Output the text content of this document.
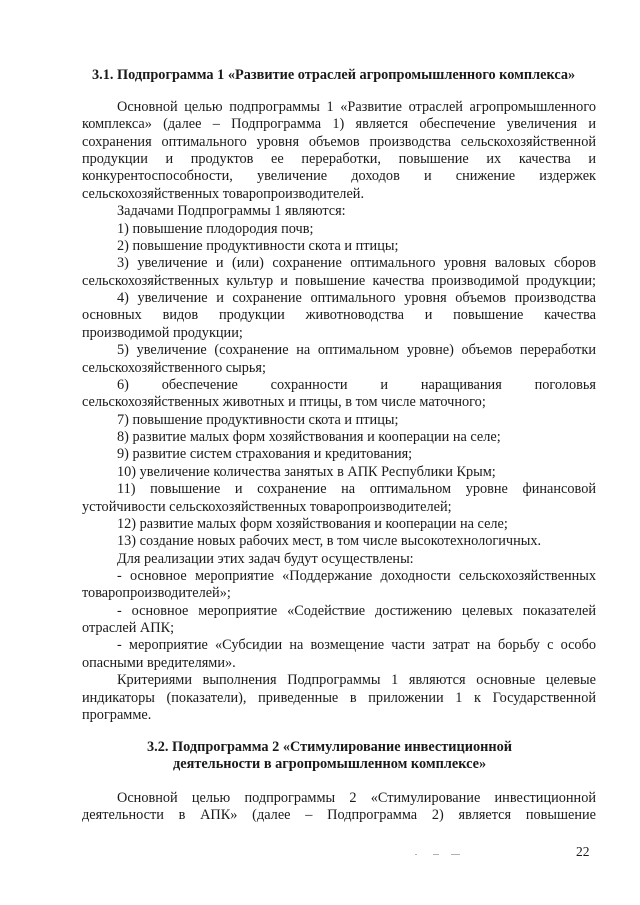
3.1. Подпрограмма 1 «Развитие отраслей агропромышленного комплекса»
Основной целью подпрограммы 1 «Развитие отраслей агропромышленного
комплекса» (далее – Подпрограмма 1) является обеспечение увеличения и
сохранения оптимального уровня объемов производства сельскохозяйственной
продукции и продуктов ее переработки, повышение их качества и
конкурентоспособности, увеличение доходов и снижение издержек
сельскохозяйственных товаропроизводителей.
Задачами Подпрограммы 1 являются:
1) повышение плодородия почв;
2) повышение продуктивности скота и птицы;
3) увеличение и (или) сохранение оптимального уровня валовых сборов
сельскохозяйственных культур и повышение качества производимой продукции;
4) увеличение и сохранение оптимального уровня объемов производства
основных видов продукции животноводства и повышение качества
производимой продукции;
5) увеличение (сохранение на оптимальном уровне) объемов переработки
сельскохозяйственного сырья;
6) обеспечение сохранности и наращивания поголовья
сельскохозяйственных животных и птицы, в том числе маточного;
7) повышение продуктивности скота и птицы;
8) развитие малых форм хозяйствования и кооперации на селе;
9) развитие систем страхования и кредитования;
10) увеличение количества занятых в АПК Республики Крым;
11) повышение и сохранение на оптимальном уровне финансовой
устойчивости сельскохозяйственных товаропроизводителей;
12) развитие малых форм хозяйствования и кооперации на селе;
13) создание новых рабочих мест, в том числе высокотехнологичных.
Для реализации этих задач будут осуществлены:
- основное мероприятие «Поддержание доходности сельскохозяйственных
товаропроизводителей»;
- основное мероприятие «Содействие достижению целевых показателей
отраслей АПК;
- мероприятие «Субсидии на возмещение части затрат на борьбу с особо
опасными вредителями».
Критериями выполнения Подпрограммы 1 являются основные целевые
индикаторы (показатели), приведенные в приложении 1 к Государственной
программе.
3.2. Подпрограмма 2 «Стимулирование инвестиционной
деятельности в агропромышленном комплексе»
Основной целью подпрограммы 2 «Стимулирование инвестиционной
деятельности в АПК» (далее – Подпрограмма 2) является повышение
22
